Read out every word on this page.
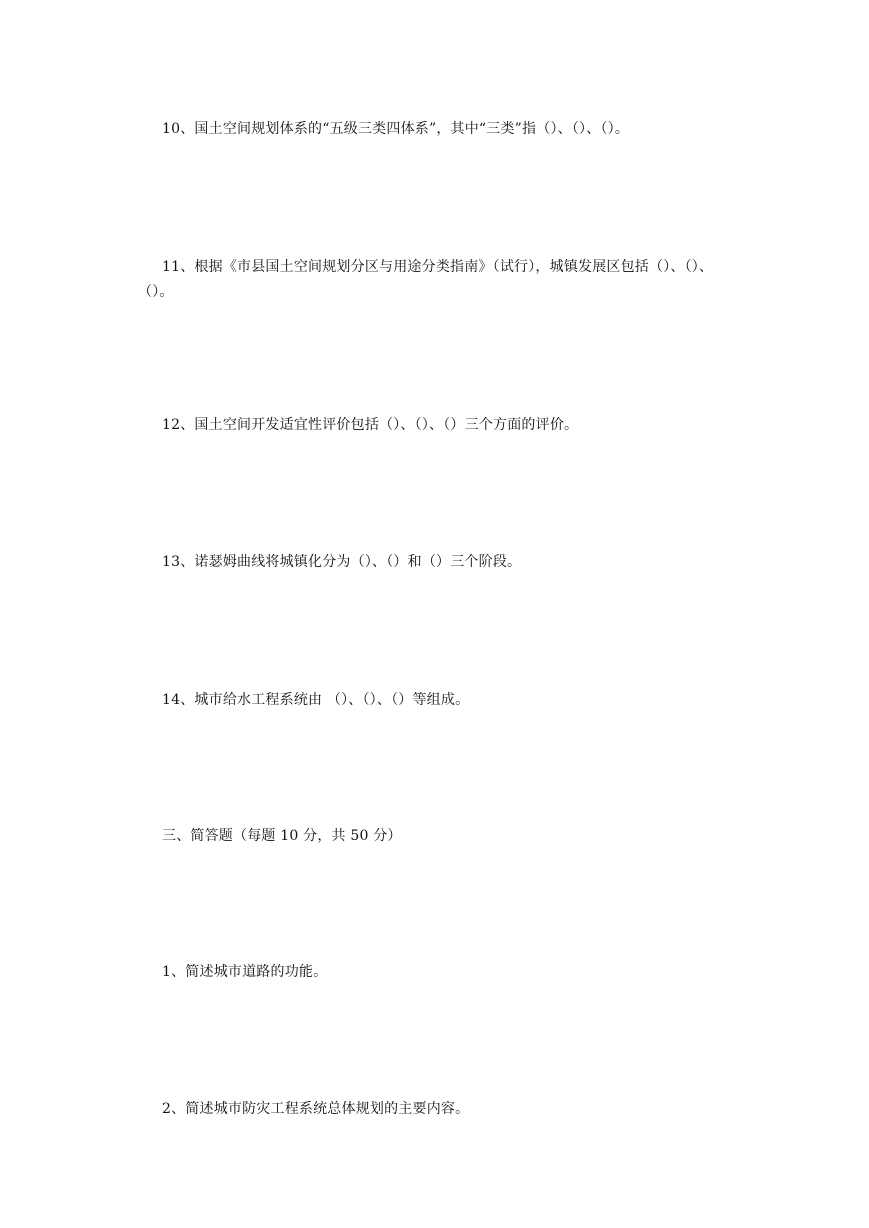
10、国土空间规划体系的“五级三类四体系”，其中“三类”指（）、（）、（）。

11、根据《市县国土空间规划分区与用途分类指南》（试行），城镇发展区包括（）、（）、（）。

12、国土空间开发适宜性评价包括（）、（）、（）三个方面的评价。

13、诺瑟姆曲线将城镇化分为（）、（）和（）三个阶段。

14、城市给水工程系统由 （）、（）、（）等组成。

三、简答题（每题 10 分，共 50 分）

1、简述城市道路的功能。

2、简述城市防灾工程系统总体规划的主要内容。
